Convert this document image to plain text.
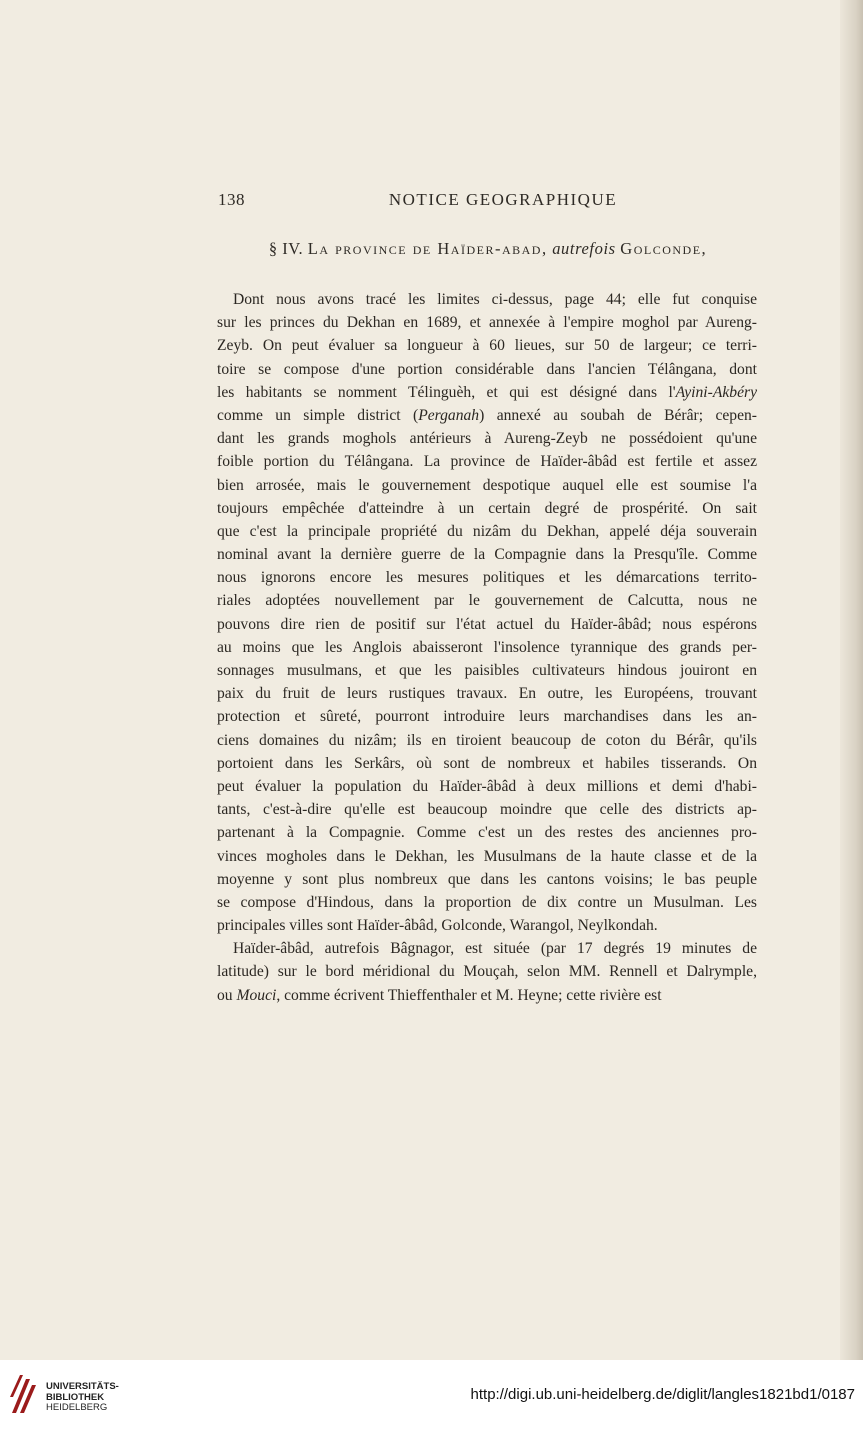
138	NOTICE GEOGRAPHIQUE
§ IV. La province de Haïder-abad, autrefois Golconde,
Dont nous avons tracé les limites ci-dessus, page 44; elle fut conquise
sur les princes du Dekhan en 1689, et annexée à l'empire moghol par Aureng-
Zeyb. On peut évaluer sa longueur à 60 lieues, sur 50 de largeur; ce terri-
toire se compose d'une portion considérable dans l'ancien Télângana, dont
les habitants se nomment Télinguèh, et qui est désigné dans l'Ayini-Akbéry
comme un simple district (Perganah) annexé au soubah de Bérâr; cepen-
dant les grands moghols antérieurs à Aureng-Zeyb ne possédoient qu'une
foible portion du Télângana. La province de Haïder-âbâd est fertile et assez
bien arrosée, mais le gouvernement despotique auquel elle est soumise l'a
toujours empêchée d'atteindre à un certain degré de prospérité. On sait
que c'est la principale propriété du nizâm du Dekhan, appelé déja souverain
nominal avant la dernière guerre de la Compagnie dans la Presqu'île. Comme
nous ignorons encore les mesures politiques et les démarcations territo-
riales adoptées nouvellement par le gouvernement de Calcutta, nous ne
pouvons dire rien de positif sur l'état actuel du Haïder-âbâd; nous espérons
au moins que les Anglois abaisseront l'insolence tyrannique des grands per-
sonnages musulmans, et que les paisibles cultivateurs hindous jouiront en
paix du fruit de leurs rustiques travaux. En outre, les Européens, trouvant
protection et sûreté, pourront introduire leurs marchandises dans les an-
ciens domaines du nizâm; ils en tiroient beaucoup de coton du Bérâr, qu'ils
portoient dans les Serkârs, où sont de nombreux et habiles tisserands. On
peut évaluer la population du Haïder-âbâd à deux millions et demi d'habi-
tants, c'est-à-dire qu'elle est beaucoup moindre que celle des districts ap-
partenant à la Compagnie. Comme c'est un des restes des anciennes pro-
vinces mogholes dans le Dekhan, les Musulmans de la haute classe et de la
moyenne y sont plus nombreux que dans les cantons voisins; le bas peuple
se compose d'Hindous, dans la proportion de dix contre un Musulman. Les
principales villes sont Haïder-âbâd, Golconde, Warangol, Neylkondah.
Haïder-âbâd, autrefois Bâgnagor, est située (par 17 degrés 19 minutes de
latitude) sur le bord méridional du Mouçah, selon MM. Rennell et Dalrymple,
ou Mouci, comme écrivent Thieffenthaler et M. Heyne; cette rivière est
UNIVERSITÄTS-
BIBLIOTHEK
HEIDELBERG
http://digi.ub.uni-heidelberg.de/diglit/langles1821bd1/0187
